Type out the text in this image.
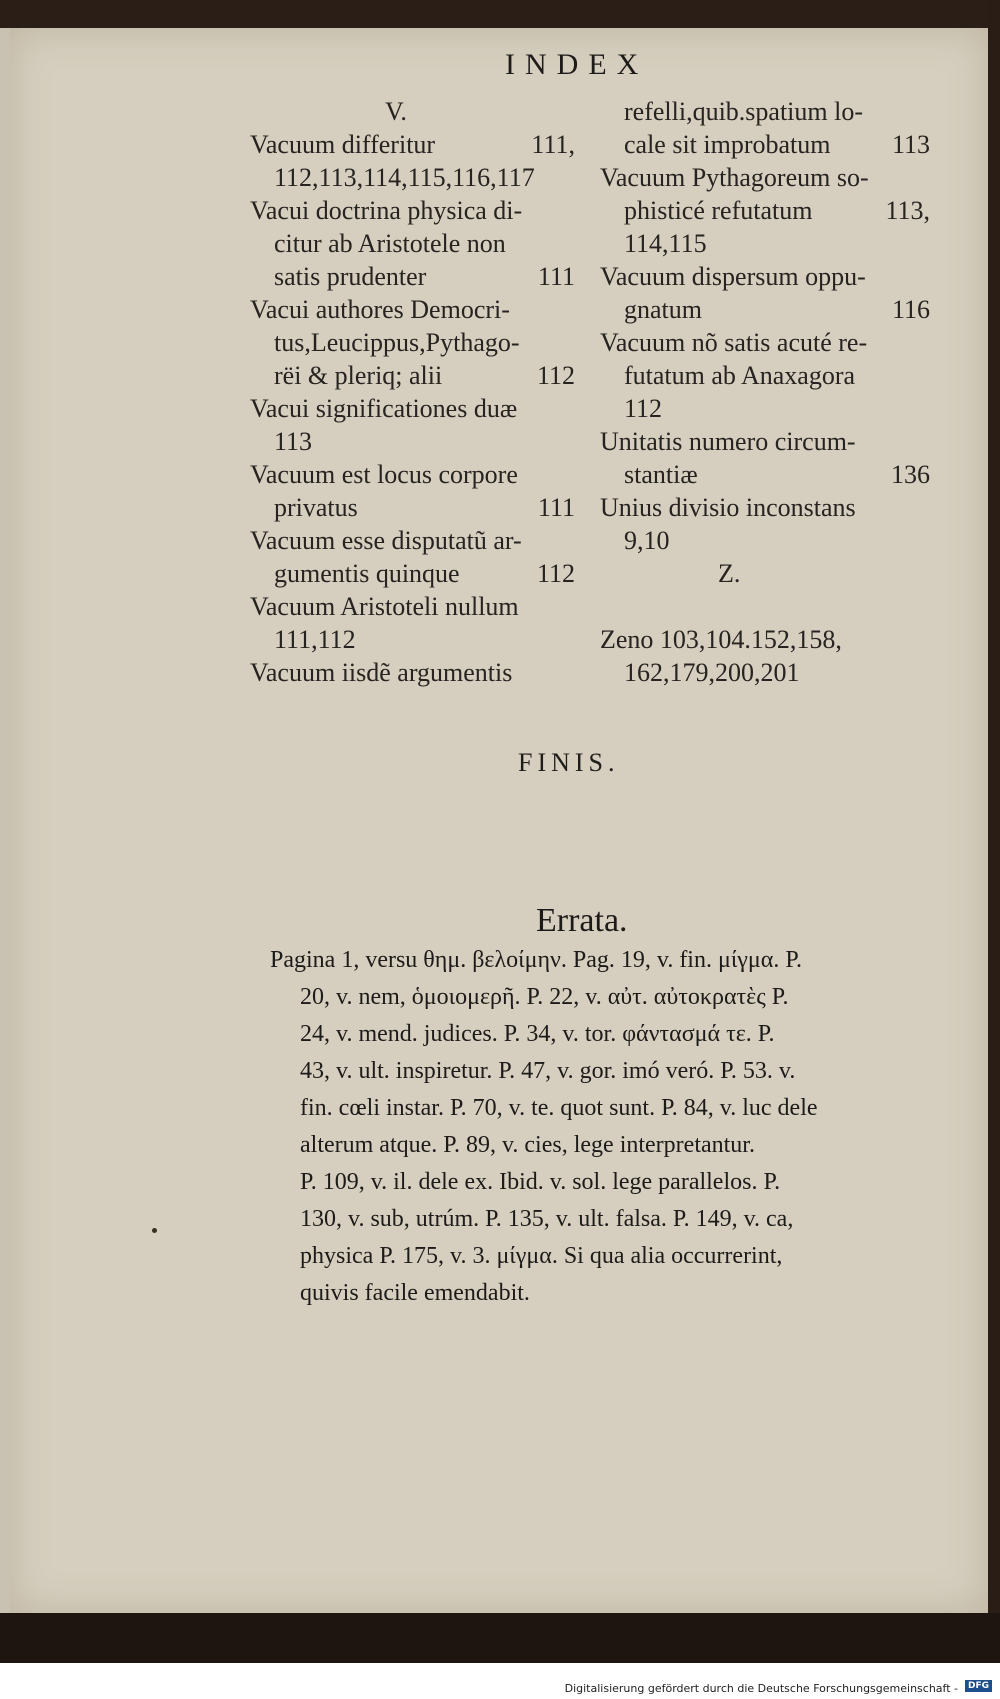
INDEX
V.
Vacuum differitur	111,
112,113,114,115,116,117
Vacui doctrina physica di-
citur ab Aristotele non
satis prudenter	111
Vacui authores Democri-
tus,Leucippus,Pythago-
rëi & pleriq; alii	112
Vacui significationes duæ
113
Vacuum est locus corpore
privatus	111
Vacuum esse disputatũ ar-
gumentis quinque	112
Vacuum Aristoteli nullum
111,112
Vacuum iisdẽ argumentis
refelli,quib.spatium lo-
cale sit improbatum 113
Vacuum Pythagoreum so-
phisticé refutatum	113,
114,115
Vacuum dispersum oppu-
gnatum	116
Vacuum nõ satis acuté re-
futatum ab Anaxagora
112
Unitatis numero circum-
stantiæ	136
Unius divisio inconstans
9,10
Z.
Zeno 103,104.152,158,
162,179,200,201
FINIS.
Errata.
Pagina 1, versu θημ. βελοίμην. Pag. 19, v. fin. μίγμα. P.
20, v. nem, ὁμοιομερῆ. P. 22, v. αὐτ. αὐτοκρατὲς P.
24, v. mend. judices. P. 34, v. tor. φάντασμά τε. P.
43, v. ult. inspiretur. P. 47, v. gor. imó veró. P. 53. v.
fin. cœli instar. P. 70, v. te. quot sunt. P. 84, v. luc dele
alterum atque. P. 89, v. cies, lege interpretantur.
P. 109, v. il. dele ex. Ibid. v. sol. lege parallelos. P.
130, v. sub, utrúm. P. 135, v. ult. falsa. P. 149, v. ca,
physica P. 175, v. 3. μίγμα. Si qua alia occurrerint,
quivis facile emendabit.
Digitalisierung gefördert durch die Deutsche Forschungsgemeinschaft -	DFG
